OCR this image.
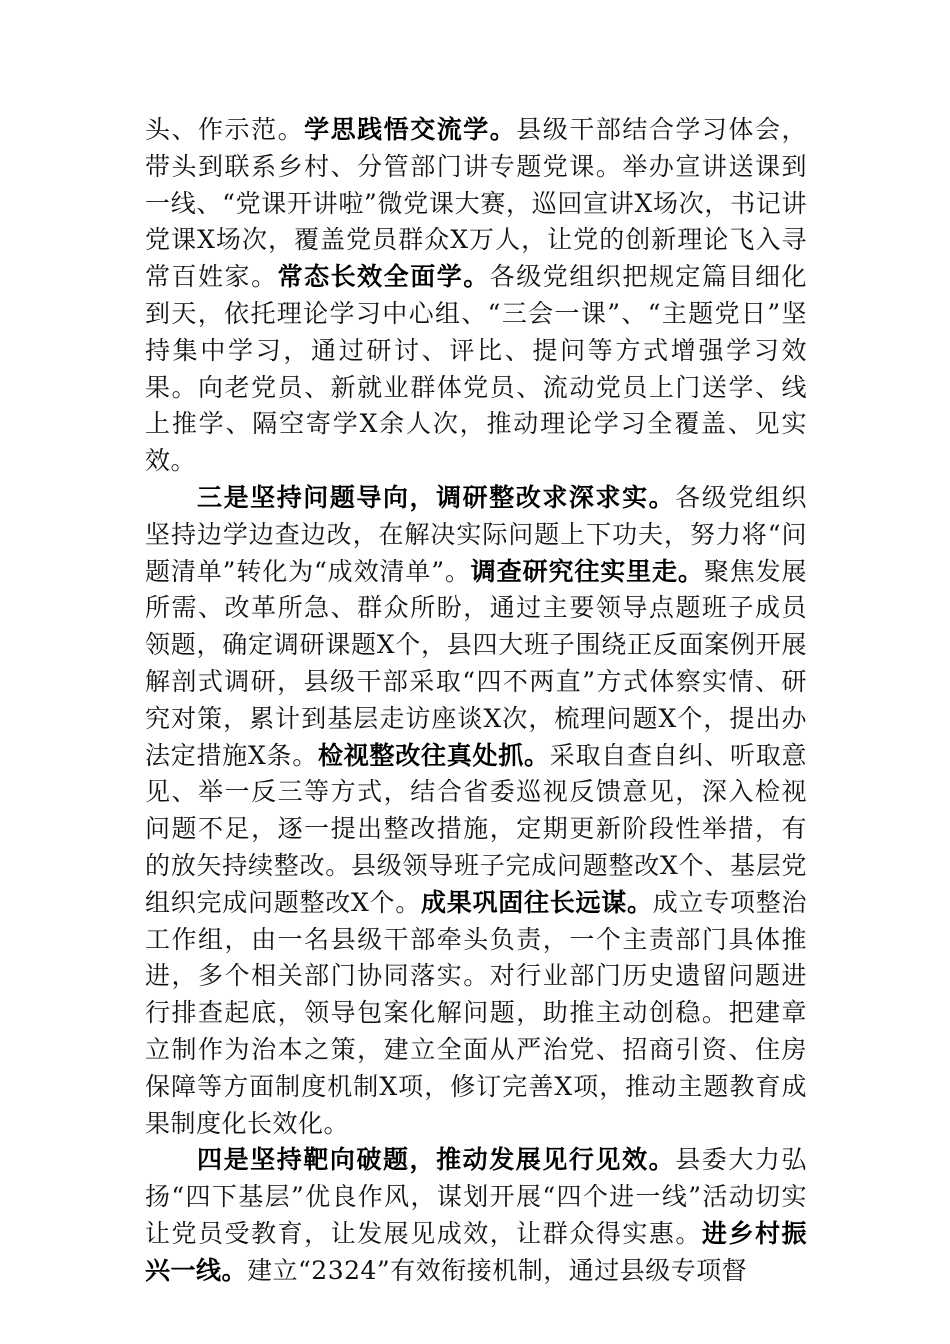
头、作示范。学思践悟交流学。县级干部结合学习体会，带头到联系乡村、分管部门讲专题党课。举办宣讲送课到一线、“党课开讲啦”微党课大赛，巡回宣讲X场次，书记讲党课X场次，覆盖党员群众X万人，让党的创新理论飞入寻常百姓家。常态长效全面学。各级党组织把规定篇目细化到天，依托理论学习中心组、“三会一课”、“主题党日”坚持集中学习，通过研讨、评比、提问等方式增强学习效果。向老党员、新就业群体党员、流动党员上门送学、线上推学、隔空寄学X余人次，推动理论学习全覆盖、见实效。

三是坚持问题导向，调研整改求深求实。各级党组织坚持边学边查边改，在解决实际问题上下功夫，努力将“问题清单”转化为“成效清单”。调查研究往实里走。聚焦发展所需、改革所急、群众所盼，通过主要领导点题班子成员领题，确定调研课题X个，县四大班子围绕正反面案例开展解剖式调研，县级干部采取“四不两直”方式体察实情、研究对策，累计到基层走访座谈X次，梳理问题X个，提出办法定措施X条。检视整改往真处抓。采取自查自纠、听取意见、举一反三等方式，结合省委巡视反馈意见，深入检视问题不足，逐一提出整改措施，定期更新阶段性举措，有的放矢持续整改。县级领导班子完成问题整改X个、基层党组织完成问题整改X个。成果巩固往长远谋。成立专项整治工作组，由一名县级干部牵头负责，一个主责部门具体推进，多个相关部门协同落实。对行业部门历史遗留问题进行排查起底，领导包案化解问题，助推主动创稳。把建章立制作为治本之策，建立全面从严治党、招商引资、住房保障等方面制度机制X项，修订完善X项，推动主题教育成果制度化长效化。

四是坚持靶向破题，推动发展见行见效。县委大力弘扬“四下基层”优良作风，谋划开展“四个进一线”活动切实让党员受教育，让发展见成效，让群众得实惠。进乡村振兴一线。建立“2324”有效衔接机制，通过县级专项督
